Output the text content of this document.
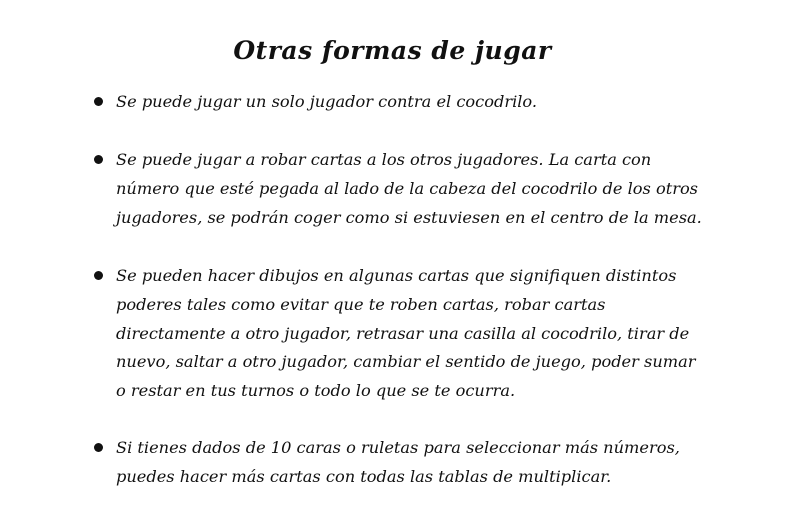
Otras formas de jugar
Se puede jugar un solo jugador contra el cocodrilo.
Se puede jugar a robar cartas a los otros jugadores. La carta con
número que esté pegada al lado de la cabeza del cocodrilo de los otros
jugadores, se podrán coger como si estuviesen en el centro de la mesa.
Se pueden hacer dibujos en algunas cartas que signifiquen distintos
poderes tales como evitar que te roben cartas, robar cartas
directamente a otro jugador, retrasar una casilla al cocodrilo, tirar de
nuevo, saltar a otro jugador, cambiar el sentido de juego, poder sumar
o restar en tus turnos o todo lo que se te ocurra.
Si tienes dados de 10 caras o ruletas para seleccionar más números,
puedes hacer más cartas con todas las tablas de multiplicar.
